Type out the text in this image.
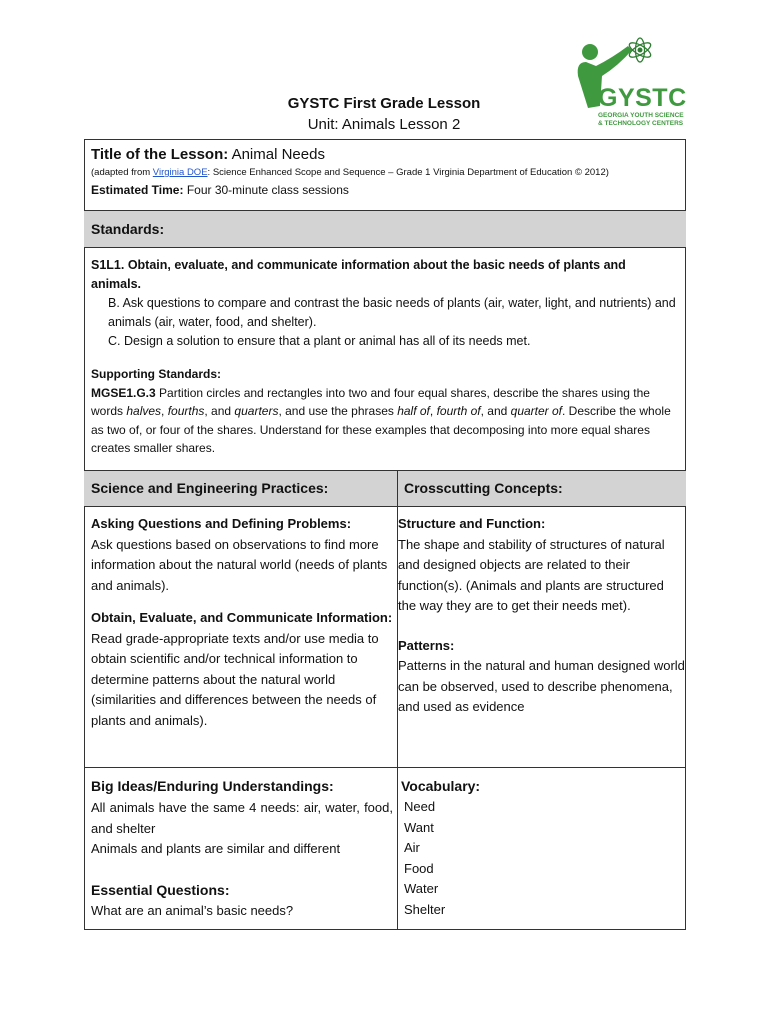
GYSTC
GEORGIA YOUTH SCIENCE
& TECHNOLOGY CENTERS
GYSTC First Grade Lesson
Unit: Animals Lesson 2
Title of the Lesson: Animal Needs
(adapted from Virginia DOE: Science Enhanced Scope and Sequence – Grade 1 Virginia Department of Education © 2012)
Estimated Time: Four 30-minute class sessions
Standards:

S1L1. Obtain, evaluate, and communicate information about the basic needs of plants and animals.

B. Ask questions to compare and contrast the basic needs of plants (air, water, light, and nutrients) and animals (air, water, food, and shelter).

C. Design a solution to ensure that a plant or animal has all of its needs met.

Supporting Standards:
MGSE1.G.3 Partition circles and rectangles into two and four equal shares, describe the shares using the words halves, fourths, and quarters, and use the phrases half of, fourth of, and quarter of. Describe the whole as two of, or four of the shares. Understand for these examples that decomposing into more equal shares creates smaller shares.

Science and Engineering Practices:	Crosscutting Concepts:

Asking Questions and Defining Problems:

Ask questions based on observations to find more information about the natural world (needs of plants and animals).

Obtain, Evaluate, and Communicate Information:

Read grade-appropriate texts and/or use media to obtain scientific and/or technical information to determine patterns about the natural world (similarities and differences between the needs of plants and animals).

Structure and Function:

The shape and stability of structures of natural and designed objects are related to their function(s). (Animals and plants are structured the way they are to get their needs met).

Patterns:

Patterns in the natural and human designed world can be observed, used to describe phenomena, and used as evidence

Big Ideas/Enduring Understandings:

All animals have the same 4 needs: air, water, food, and shelter

Animals and plants are similar and different

Essential Questions:

What are an animal’s basic needs?

Vocabulary:

Need
Want
Air
Food
Water
Shelter
